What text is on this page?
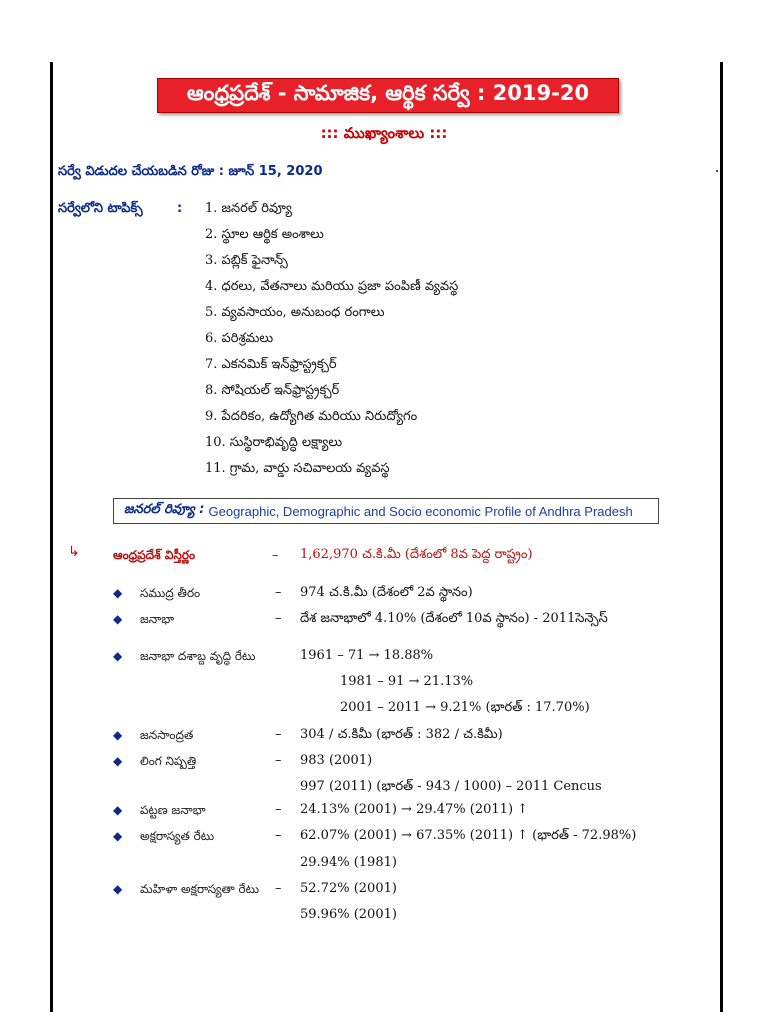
ఆంధ్రప్రదేశ్ - సామాజిక, ఆర్థిక సర్వే : 2019-20
::: ముఖ్యాంశాలు :::
సర్వే విడుదల చేయబడిన రోజు : జూన్ 15, 2020
సర్వేలోని టాపిక్స్	: 1. జనరల్ రివ్యూ
2. స్థూల ఆర్థిక అంశాలు
3. పబ్లిక్ ఫైనాన్స్
4. ధరలు, వేతనాలు మరియు ప్రజా పంపిణీ వ్యవస్థ
5. వ్యవసాయం, అనుబంధ రంగాలు
6. పరిశ్రమలు
7. ఎకనమిక్ ఇన్‌ఫ్రాస్ట్రక్చర్
8. సోషియల్ ఇన్‌ఫ్రాస్ట్రక్చర్
9. పేదరికం, ఉద్యోగిత మరియు నిరుద్యోగం
10. సుస్థిరాభివృద్ధి లక్ష్యాలు
11. గ్రామ, వార్డు సచివాలయ వ్యవస్థ
జనరల్ రివ్యూ : Geographic, Demographic and Socio economic Profile of Andhra Pradesh
↳	ఆంధ్రప్రదేశ్ విస్తీర్ణం	– 1,62,970 చ.కి.మీ (దేశంలో 8వ పెద్ద రాష్ట్రం)
◆ సముద్ర తీరం	– 974 చ.కి.మీ (దేశంలో 2వ స్థానం)
◆ జనాభా	– దేశ జనాభాలో 4.10% (దేశంలో 10వ స్థానం) - 2011సెన్సెస్
◆ జనాభా దశాబ్ద వృద్ధి రేటు	1961 – 71 → 18.88%
1981 – 91 → 21.13%
2001 – 2011 → 9.21% (భారత్ : 17.70%)
◆ జనసాంద్రత	– 304 / చ.కిమీ (భారత్ : 382 / చ.కిమీ)
◆ లింగ నిష్పత్తి	– 983 (2001)
997 (2011) (భారత్ - 943 / 1000) – 2011 Cencus
◆ పట్టణ జనాభా	– 24.13% (2001) → 29.47% (2011) ↑
◆ అక్షరాస్యత రేటు	– 62.07% (2001) → 67.35% (2011) ↑ (భారత్ - 72.98%)
29.94% (1981)
◆ మహిళా అక్షరాస్యతా రేటు – 52.72% (2001)
59.96% (2001)
